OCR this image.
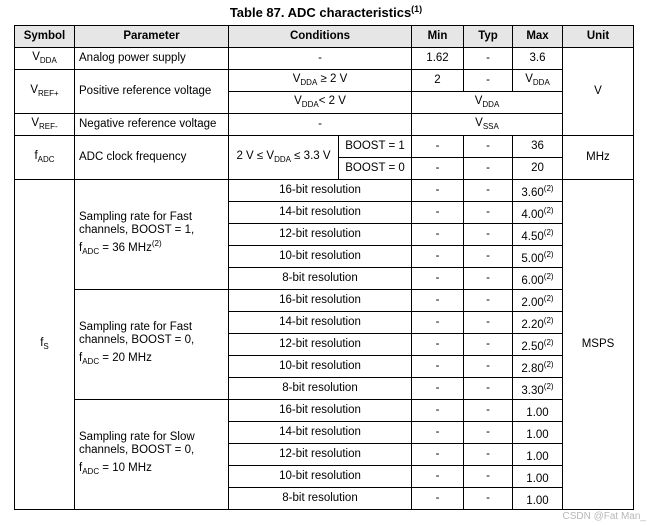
Table 87. ADC characteristics$^{(1)}$
Symbol	Parameter	Conditions		Min	Typ	Max	Unit
$V_{DDA}$	Analog power supply	-		1.62	-	3.6	V
$V_{REF+}$	Positive reference voltage	$V_{DDA} \ge 2$ V		2	-	$V_{DDA}$
		$V_{DDA}< 2$ V		$V_{DDA}$
$V_{REF-}$	Negative reference voltage	-		$V_{SSA}$
$f_{ADC}$	ADC clock frequency	2 $V \le V_{DDA} \le 3.3$ V	BOOST = 1	-	-	36	MHz
			BOOST = 0	-	-	20	
$f_S$	Sampling rate for Fast
channels, BOOST = 1,
$f_{ADC} = 36$ MHz$^{(2)}$	16-bit resolution		-	-	3.60$^{(2)}$	MSPS
		14-bit resolution		-	-	4.00$^{(2)}$
		12-bit resolution		-	-	4.50$^{(2)}$
		10-bit resolution		-	-	5.00$^{(2)}$
		8-bit resolution		-	-	6.00$^{(2)}$

	Sampling rate for Fast
channels, BOOST = 0,
$f_{ADC} = 20$ MHz	16-bit resolution		-	-	2.00$^{(2)}$
		14-bit resolution		-	-	2.20$^{(2)}$
		12-bit resolution		-	-	2.50$^{(2)}$
		10-bit resolution		-	-	2.80$^{(2)}$
		8-bit resolution		-	-	3.30$^{(2)}$

	Sampling rate for Slow
channels, BOOST = 0,
$f_{ADC} = 10$ MHz	16-bit resolution		-	-	1.00	
		14-bit resolution		-	-	1.00	
		12-bit resolution		-	-	1.00	
		10-bit resolution		-	-	1.00	
		8-bit resolution		-	-	1.00	
CSDN @Fat Man_
